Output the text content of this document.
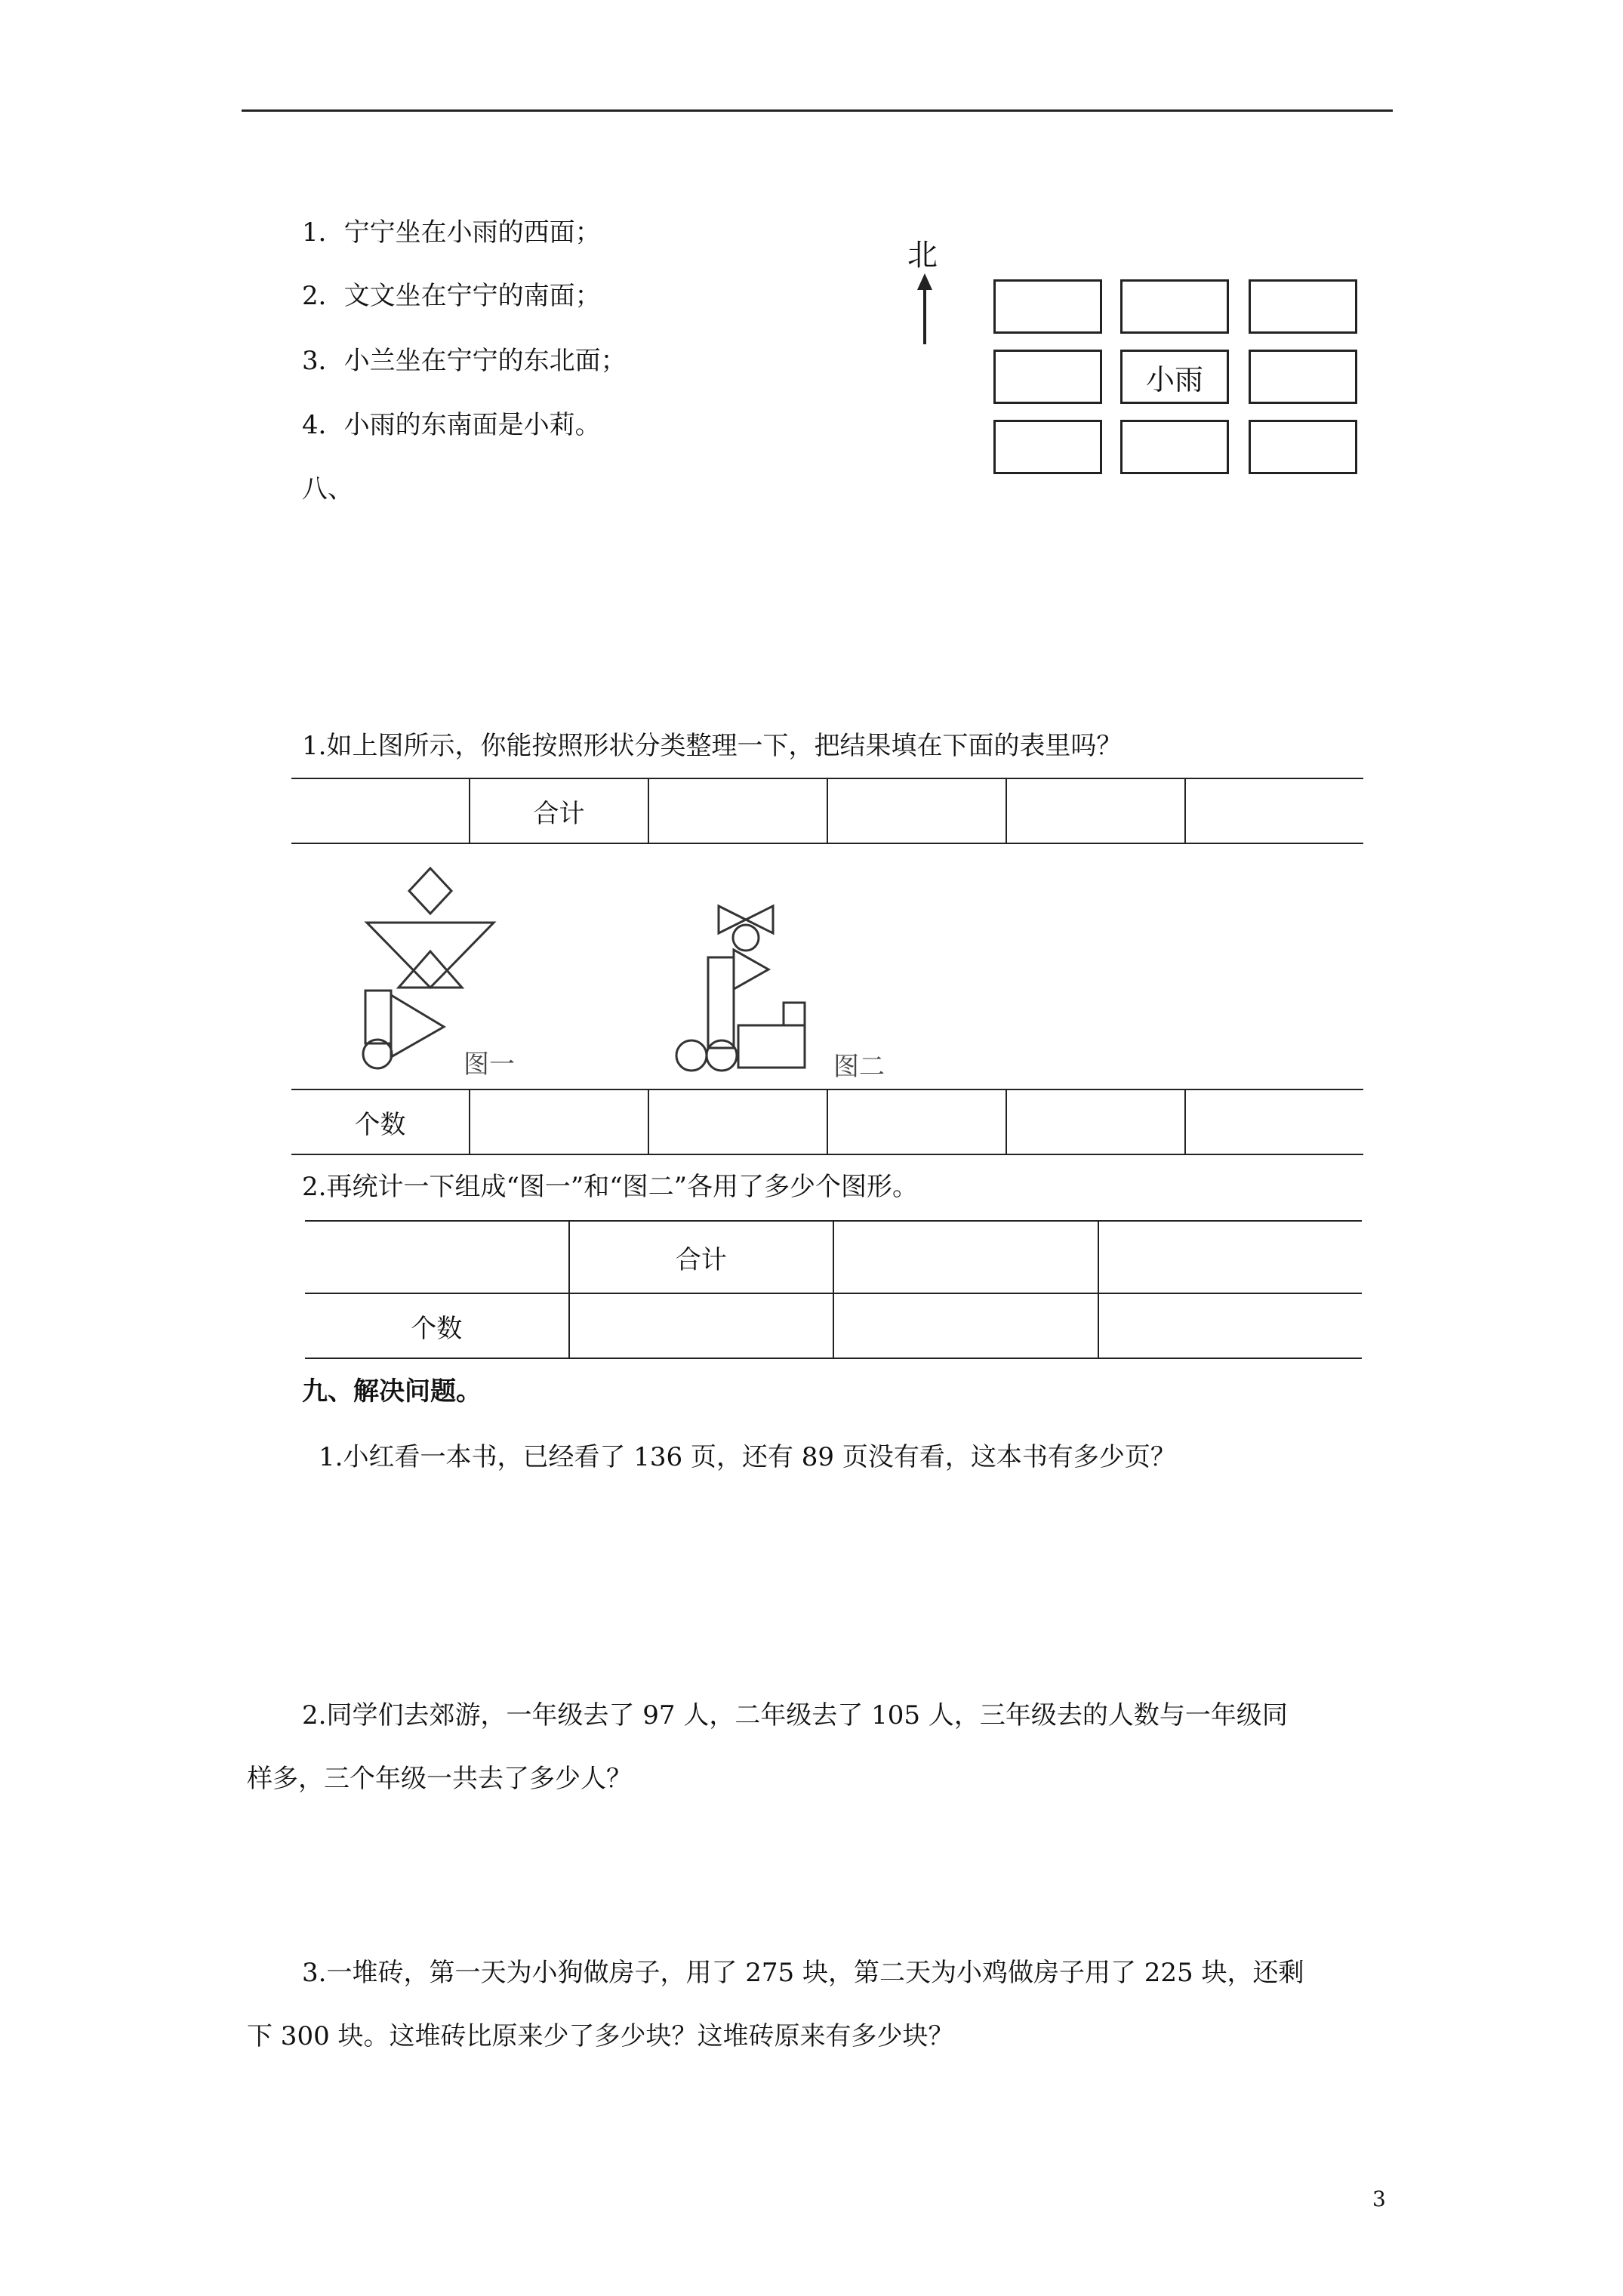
1．宁宁坐在小雨的西面；
2．文文坐在宁宁的南面；
3．小兰坐在宁宁的东北面；
4．小雨的东南面是小莉。
八、
北
小雨
1.如上图所示，你能按照形状分类整理一下，把结果填在下面的表里吗？
	合计				
图一	图二
个数					
2.再统计一下组成“图一”和“图二”各用了多少个图形。
	合计		
个数			
九、解决问题。
1.小红看一本书，已经看了 136 页，还有 89 页没有看，这本书有多少页？
2.同学们去郊游，一年级去了 97 人，二年级去了 105 人，三年级去的人数与一年级同
样多，三个年级一共去了多少人？
3.一堆砖，第一天为小狗做房子，用了 275 块，第二天为小鸡做房子用了 225 块，还剩
下 300 块。这堆砖比原来少了多少块？这堆砖原来有多少块？
3
